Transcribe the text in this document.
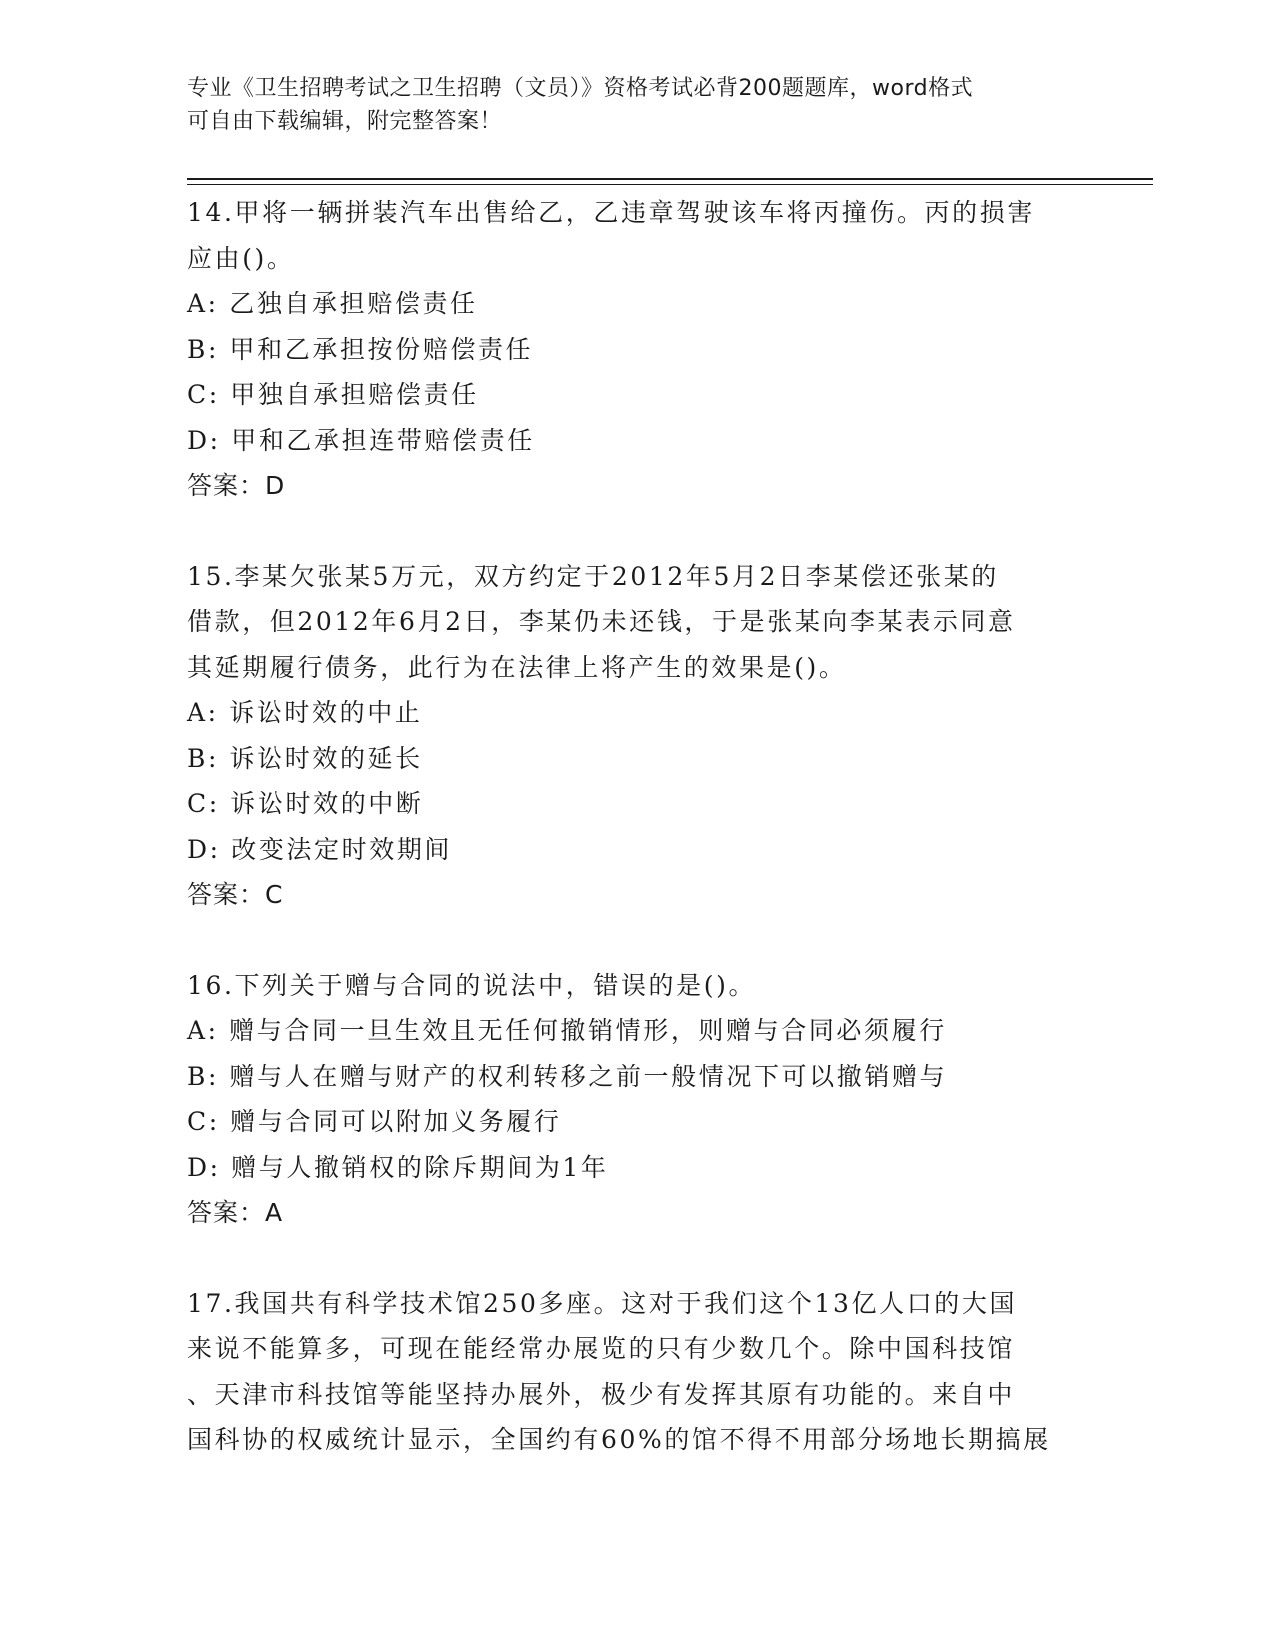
专业《卫生招聘考试之卫生招聘（文员）》资格考试必背200题题库，word格式
可自由下载编辑，附完整答案！

14.甲将一辆拼装汽车出售给乙，乙违章驾驶该车将丙撞伤。丙的损害

应由()。

A: 乙独自承担赔偿责任

B: 甲和乙承担按份赔偿责任

C: 甲独自承担赔偿责任

D: 甲和乙承担连带赔偿责任

答案：D

15.李某欠张某5万元，双方约定于2012年5月2日李某偿还张某的

借款，但2012年6月2日，李某仍未还钱，于是张某向李某表示同意

其延期履行债务，此行为在法律上将产生的效果是()。

A: 诉讼时效的中止

B: 诉讼时效的延长

C: 诉讼时效的中断

D: 改变法定时效期间

答案：C

16.下列关于赠与合同的说法中，错误的是()。

A: 赠与合同一旦生效且无任何撤销情形，则赠与合同必须履行

B: 赠与人在赠与财产的权利转移之前一般情况下可以撤销赠与

C: 赠与合同可以附加义务履行

D: 赠与人撤销权的除斥期间为1年

答案：A

17.我国共有科学技术馆250多座。这对于我们这个13亿人口的大国

来说不能算多，可现在能经常办展览的只有少数几个。除中国科技馆

、天津市科技馆等能坚持办展外，极少有发挥其原有功能的。来自中

国科协的权威统计显示，全国约有60%的馆不得不用部分场地长期搞展
